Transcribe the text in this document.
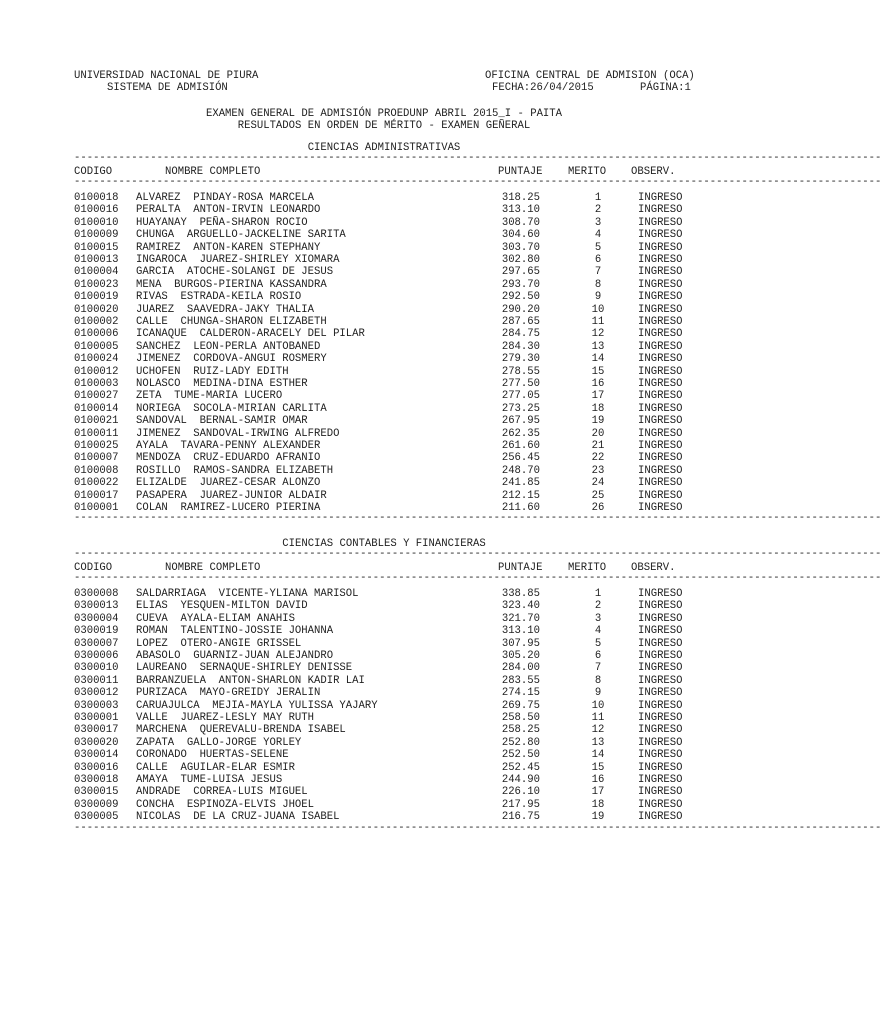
UNIVERSIDAD NACIONAL DE PIURA
SISTEMA DE ADMISIÓN
OFICINA CENTRAL DE ADMISION (OCA)
FECHA:26/04/2015	PÁGINA:1
EXAMEN GENERAL DE ADMISIÓN PROEDUNP ABRIL 2015_I - PAITA
RESULTADOS EN ORDEN DE MÉRITO - EXAMEN GEÑERAL
CIENCIAS ADMINISTRATIVAS
-------------------------------------------------------------------------------------------------------------------------------
CODIGO	NOMBRE COMPLETO	PUNTAJE MERITO OBSERV.
-------------------------------------------------------------------------------------------------------------------------------
0100018 ALVAREZ  PINDAY-ROSA MARCELA	318.25	1	INGRESO
0100016 PERALTA  ANTON-IRVIN LEONARDO	313.10	2	INGRESO
0100010 HUAYANAY  PEÑA-SHARON ROCIO	308.70	3	INGRESO
0100009 CHUNGA  ARGUELLO-JACKELINE SARITA	304.60	4	INGRESO
0100015 RAMIREZ  ANTON-KAREN STEPHANY	303.70	5	INGRESO
0100013 INGAROCA  JUAREZ-SHIRLEY XIOMARA	302.80	6	INGRESO
0100004 GARCIA  ATOCHE-SOLANGI DE JESUS	297.65	7	INGRESO
0100023 MENA  BURGOS-PIERINA KASSANDRA	293.70	8	INGRESO
0100019 RIVAS  ESTRADA-KEILA ROSIO	292.50	9	INGRESO
0100020 JUAREZ  SAAVEDRA-JAKY THALIA	290.20	10	INGRESO
0100002 CALLE  CHUNGA-SHARON ELIZABETH	287.65	11	INGRESO
0100006 ICANAQUE  CALDERON-ARACELY DEL PILAR	284.75	12	INGRESO
0100005 SANCHEZ  LEON-PERLA ANTOBANED	284.30	13	INGRESO
0100024 JIMENEZ  CORDOVA-ANGUI ROSMERY	279.30	14	INGRESO
0100012 UCHOFEN  RUIZ-LADY EDITH	278.55	15	INGRESO
0100003 NOLASCO  MEDINA-DINA ESTHER	277.50	16	INGRESO
0100027 ZETA  TUME-MARIA LUCERO	277.05	17	INGRESO
0100014 NORIEGA  SOCOLA-MIRIAN CARLITA	273.25	18	INGRESO
0100021 SANDOVAL  BERNAL-SAMIR OMAR	267.95	19	INGRESO
0100011 JIMENEZ  SANDOVAL-IRWING ALFREDO	262.35	20	INGRESO
0100025 AYALA  TAVARA-PENNY ALEXANDER	261.60	21	INGRESO
0100007 MENDOZA  CRUZ-EDUARDO AFRANIO	256.45	22	INGRESO
0100008 ROSILLO  RAMOS-SANDRA ELIZABETH	248.70	23	INGRESO
0100022 ELIZALDE  JUAREZ-CESAR ALONZO	241.85	24	INGRESO
0100017 PASAPERA  JUAREZ-JUNIOR ALDAIR	212.15	25	INGRESO
0100001 COLAN  RAMIREZ-LUCERO PIERINA	211.60	26	INGRESO
-------------------------------------------------------------------------------------------------------------------------------
CIENCIAS CONTABLES Y FINANCIERAS
-------------------------------------------------------------------------------------------------------------------------------
CODIGO	NOMBRE COMPLETO	PUNTAJE MERITO OBSERV.
-------------------------------------------------------------------------------------------------------------------------------
0300008 SALDARRIAGA  VICENTE-YLIANA MARISOL	338.85	1	INGRESO
0300013 ELIAS  YESQUEN-MILTON DAVID	323.40	2	INGRESO
0300004 CUEVA  AYALA-ELIAM ANAHIS	321.70	3	INGRESO
0300019 ROMAN  TALENTINO-JOSSIE JOHANNA	313.10	4	INGRESO
0300007 LOPEZ  OTERO-ANGIE GRISSEL	307.95	5	INGRESO
0300006 ABASOLO  GUARNIZ-JUAN ALEJANDRO	305.20	6	INGRESO
0300010 LAUREANO  SERNAQUE-SHIRLEY DENISSE	284.00	7	INGRESO
0300011 BARRANZUELA  ANTON-SHARLON KADIR LAI	283.55	8	INGRESO
0300012 PURIZACA  MAYO-GREIDY JERALIN	274.15	9	INGRESO
0300003 CARUAJULCA  MEJIA-MAYLA YULISSA YAJARY	269.75	10	INGRESO
0300001 VALLE  JUAREZ-LESLY MAY RUTH	258.50	11	INGRESO
0300017 MARCHENA  QUEREVALU-BRENDA ISABEL	258.25	12	INGRESO
0300020 ZAPATA  GALLO-JORGE YORLEY	252.80	13	INGRESO
0300014 CORONADO  HUERTAS-SELENE	252.50	14	INGRESO
0300016 CALLE  AGUILAR-ELAR ESMIR	252.45	15	INGRESO
0300018 AMAYA  TUME-LUISA JESUS	244.90	16	INGRESO
0300015 ANDRADE  CORREA-LUIS MIGUEL	226.10	17	INGRESO
0300009 CONCHA  ESPINOZA-ELVIS JHOEL	217.95	18	INGRESO
0300005 NICOLAS  DE LA CRUZ-JUANA ISABEL	216.75	19	INGRESO
-------------------------------------------------------------------------------------------------------------------------------
